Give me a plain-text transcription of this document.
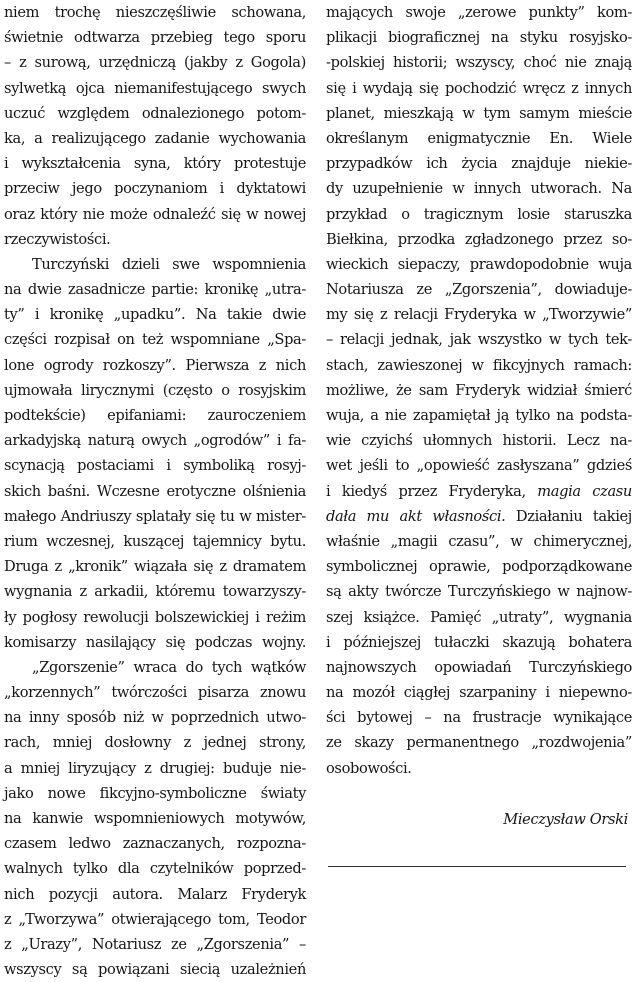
niem trochę nieszczęśliwie schowana,
świetnie odtwarza przebieg tego sporu
– z surową, urzędniczą (jakby z Gogola)
sylwetką ojca niemanifestującego swych
uczuć względem odnalezionego potom-
ka, a realizującego zadanie wychowania
i wykształcenia syna, który protestuje
przeciw jego poczynaniom i dyktatowi
oraz który nie może odnaleźć się w nowej
rzeczywistości.
Turczyński dzieli swe wspomnienia
na dwie zasadnicze partie: kronikę „utra-
ty” i kronikę „upadku”. Na takie dwie
części rozpisał on też wspomniane „Spa-
lone ogrody rozkoszy”. Pierwsza z nich
ujmowała lirycznymi (często o rosyjskim
podtekście) epifaniami: zauroczeniem
arkadyjską naturą owych „ogrodów” i fa-
scynacją postaciami i symboliką rosyj-
skich baśni. Wczesne erotyczne olśnienia
małego Andriuszy splatały się tu w mister-
rium wczesnej, kuszącej tajemnicy bytu.
Druga z „kronik” wiązała się z dramatem
wygnania z arkadii, któremu towarzyszy-
ły pogłosy rewolucji bolszewickiej i reżim
komisarzy nasilający się podczas wojny.
„Zgorszenie” wraca do tych wątków
„korzennych” twórczości pisarza znowu
na inny sposób niż w poprzednich utwo-
rach, mniej dosłowny z jednej strony,
a mniej liryzujący z drugiej: buduje nie-
jako nowe fikcyjno-symboliczne światy
na kanwie wspomnieniowych motywów,
czasem ledwo zaznaczanych, rozpozna-
walnych tylko dla czytelników poprzed-
nich pozycji autora. Malarz Fryderyk
z „Tworzywa” otwierającego tom, Teodor
z „Urazy”, Notariusz ze „Zgorszenia” –
wszyscy są powiązani siecią uzależnień
mających swoje „zerowe punkty” kom-
plikacji biograficznej na styku rosyjsko-
-polskiej historii; wszyscy, choć nie znają
się i wydają się pochodzić wręcz z innych
planet, mieszkają w tym samym mieście
określanym enigmatycznie En. Wiele
przypadków ich życia znajduje niekie-
dy uzupełnienie w innych utworach. Na
przykład o tragicznym losie staruszka
Biełkina, przodka zgładzonego przez so-
wieckich siepaczy, prawdopodobnie wuja
Notariusza ze „Zgorszenia”, dowiaduje-
my się z relacji Fryderyka w „Tworzywie”
– relacji jednak, jak wszystko w tych tek-
stach, zawieszonej w fikcyjnych ramach:
możliwe, że sam Fryderyk widział śmierć
wuja, a nie zapamiętał ją tylko na podsta-
wie czyichś ułomnych historii. Lecz na-
wet jeśli to „opowieść zasłyszana” gdzieś
i kiedyś przez Fryderyka, magia czasu
dała mu akt własności. Działaniu takiej
właśnie „magii czasu”, w chimerycznej,
symbolicznej oprawie, podporządkowane
są akty twórcze Turczyńskiego w najnow-
szej książce. Pamięć „utraty”, wygnania
i późniejszej tułaczki skazują bohatera
najnowszych opowiadań Turczyńskiego
na mozół ciągłej szarpaniny i niepewno-
ści bytowej – na frustracje wynikające
ze skazy permanentnego „rozdwojenia”
osobowości.
Mieczysław Orski
